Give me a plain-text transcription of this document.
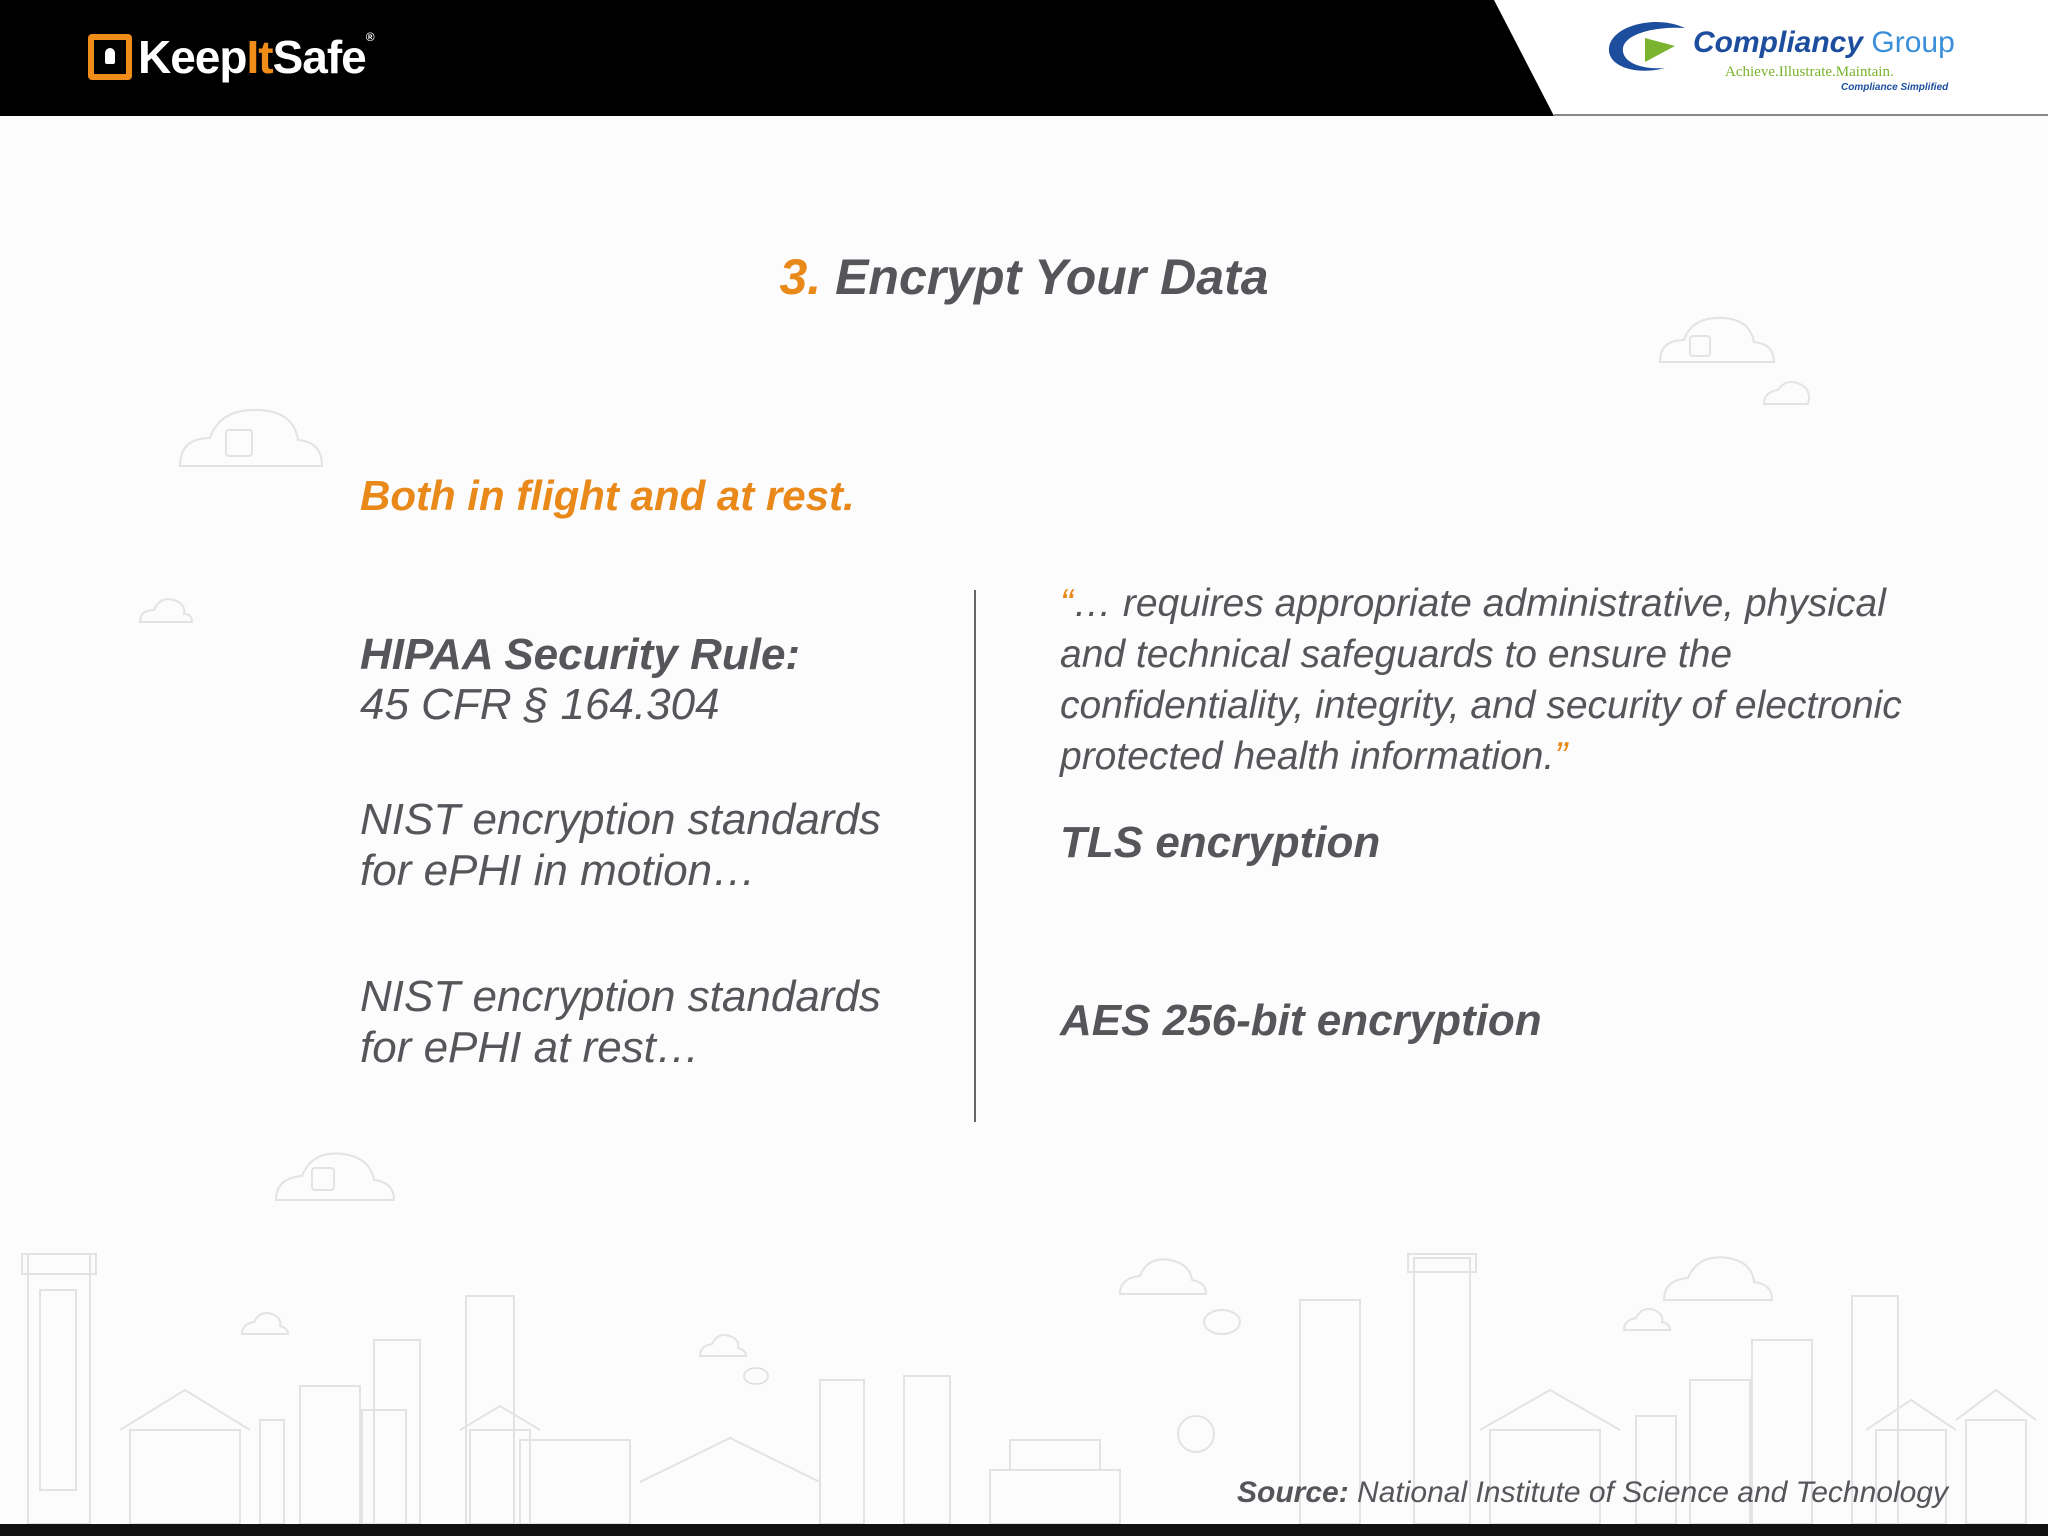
KeepItSafe®	Compliancy Group
Achieve.Illustrate.Maintain.
Compliance Simplified
3. Encrypt Your Data
Both in flight and at rest.
HIPAA Security Rule:
45 CFR § 164.304
NIST encryption standards for ePHI in motion…
NIST encryption standards for ePHI at rest…
“… requires appropriate administrative, physical and technical safeguards to ensure the confidentiality, integrity, and security of electronic protected health information.”
TLS encryption
AES 256-bit encryption
Source: National Institute of Science and Technology
